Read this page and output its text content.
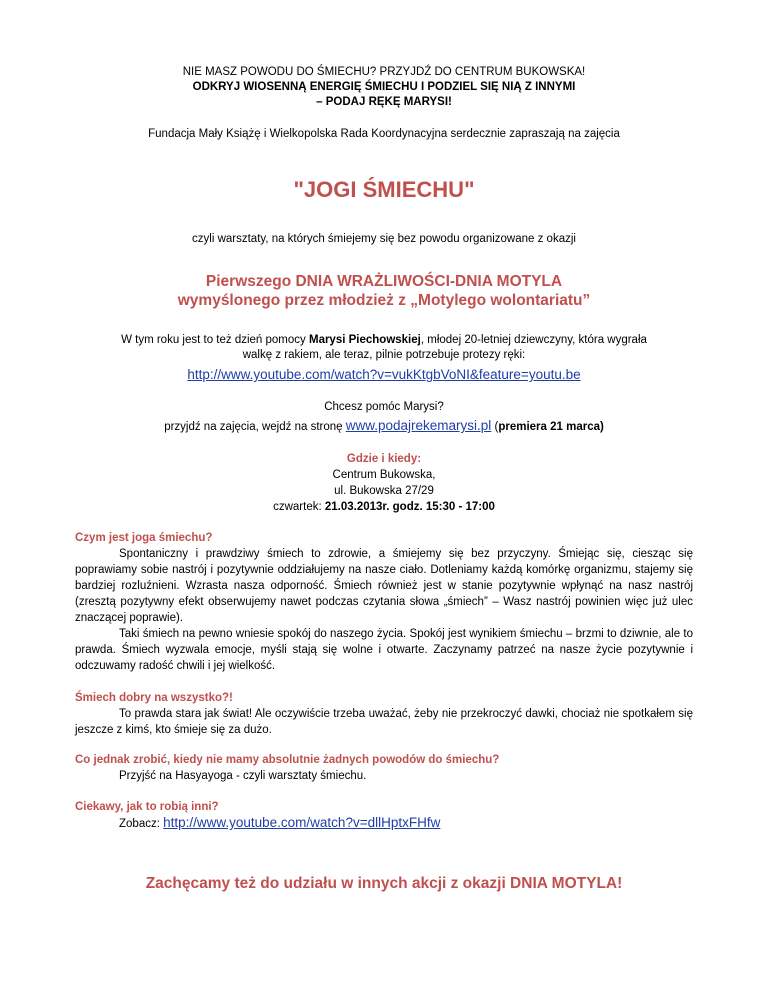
NIE MASZ POWODU DO ŚMIECHU? PRZYJDŹ DO CENTRUM BUKOWSKA!
ODKRYJ WIOSENNĄ ENERGIĘ ŚMIECHU I PODZIEL SIĘ NIĄ Z INNYMI
– PODAJ RĘKĘ MARYSI!
Fundacja Mały Książę i Wielkopolska Rada Koordynacyjna serdecznie zapraszają na zajęcia
"JOGI ŚMIECHU"
czyli warsztaty, na których śmiejemy się bez powodu organizowane z okazji
Pierwszego DNIA WRAŻLIWOŚCI-DNIA MOTYLA
wymyślonego przez młodzież z „Motylego wolontariatu”
W tym roku jest to też dzień pomocy Marysi Piechowskiej, młodej 20-letniej dziewczyny, która wygrała
walkę z rakiem, ale teraz, pilnie potrzebuje protezy ręki:
http://www.youtube.com/watch?v=vukKtgbVoNI&feature=youtu.be
Chcesz pomóc Marysi?
przyjdź na zajęcia, wejdź na stronę www.podajrekemarysi.pl (premiera 21 marca)
Gdzie i kiedy:
Centrum Bukowska,
ul. Bukowska 27/29
czwartek: 21.03.2013r. godz. 15:30 - 17:00

Czym jest joga śmiechu?

Spontaniczny i prawdziwy śmiech to zdrowie, a śmiejemy się bez przyczyny. Śmiejąc się, ciesząc się poprawiamy sobie nastrój i pozytywnie oddziałujemy na nasze ciało. Dotleniamy każdą komórkę organizmu, stajemy się bardziej rozluźnieni. Wzrasta nasza odporność. Śmiech również jest w stanie pozytywnie wpłynąć na nasz nastrój (zresztą pozytywny efekt obserwujemy nawet podczas czytania słowa „śmiech” – Wasz nastrój powinien więc już ulec znaczącej poprawie).

Taki śmiech na pewno wniesie spokój do naszego życia. Spokój jest wynikiem śmiechu – brzmi to dziwnie, ale to prawda. Śmiech wyzwala emocje, myśli stają się wolne i otwarte. Zaczynamy patrzeć na nasze życie pozytywnie i odczuwamy radość chwili i jej wielkość.

Śmiech dobry na wszystko?!

To prawda stara jak świat! Ale oczywiście trzeba uważać, żeby nie przekroczyć dawki, chociaż nie spotkałem się jeszcze z kimś, kto śmieje się za dużo.

Co jednak zrobić, kiedy nie mamy absolutnie żadnych powodów do śmiechu?

Przyjść na Hasyayoga - czyli warsztaty śmiechu.

Ciekawy, jak to robią inni?

Zobacz: http://www.youtube.com/watch?v=dllHptxFHfw

Zachęcamy też do udziału w innych akcji z okazji DNIA MOTYLA!
